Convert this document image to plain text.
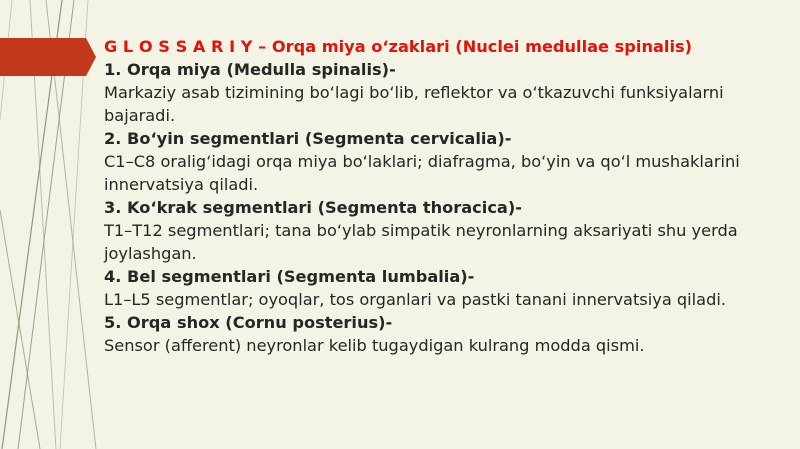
G L O S S A R I Y – Orqa miya o‘zaklari (Nuclei medullae spinalis)
1. Orqa miya (Medulla spinalis)-
Markaziy asab tizimining bo‘lagi bo‘lib, reflektor va o‘tkazuvchi funksiyalarni bajaradi.
2. Bo‘yin segmentlari (Segmenta cervicalia)-
C1–C8 oralig‘idagi orqa miya bo‘laklari; diafragma, bo‘yin va qo‘l mushaklarini innervatsiya qiladi.
3. Ko‘krak segmentlari (Segmenta thoracica)-
T1–T12 segmentlari; tana bo‘ylab simpatik neyronlarning aksariyati shu yerda joylashgan.
4. Bel segmentlari (Segmenta lumbalia)-
L1–L5 segmentlar; oyoqlar, tos organlari va pastki tanani innervatsiya qiladi.
5. Orqa shox (Cornu posterius)-
Sensor (afferent) neyronlar kelib tugaydigan kulrang modda qismi.
